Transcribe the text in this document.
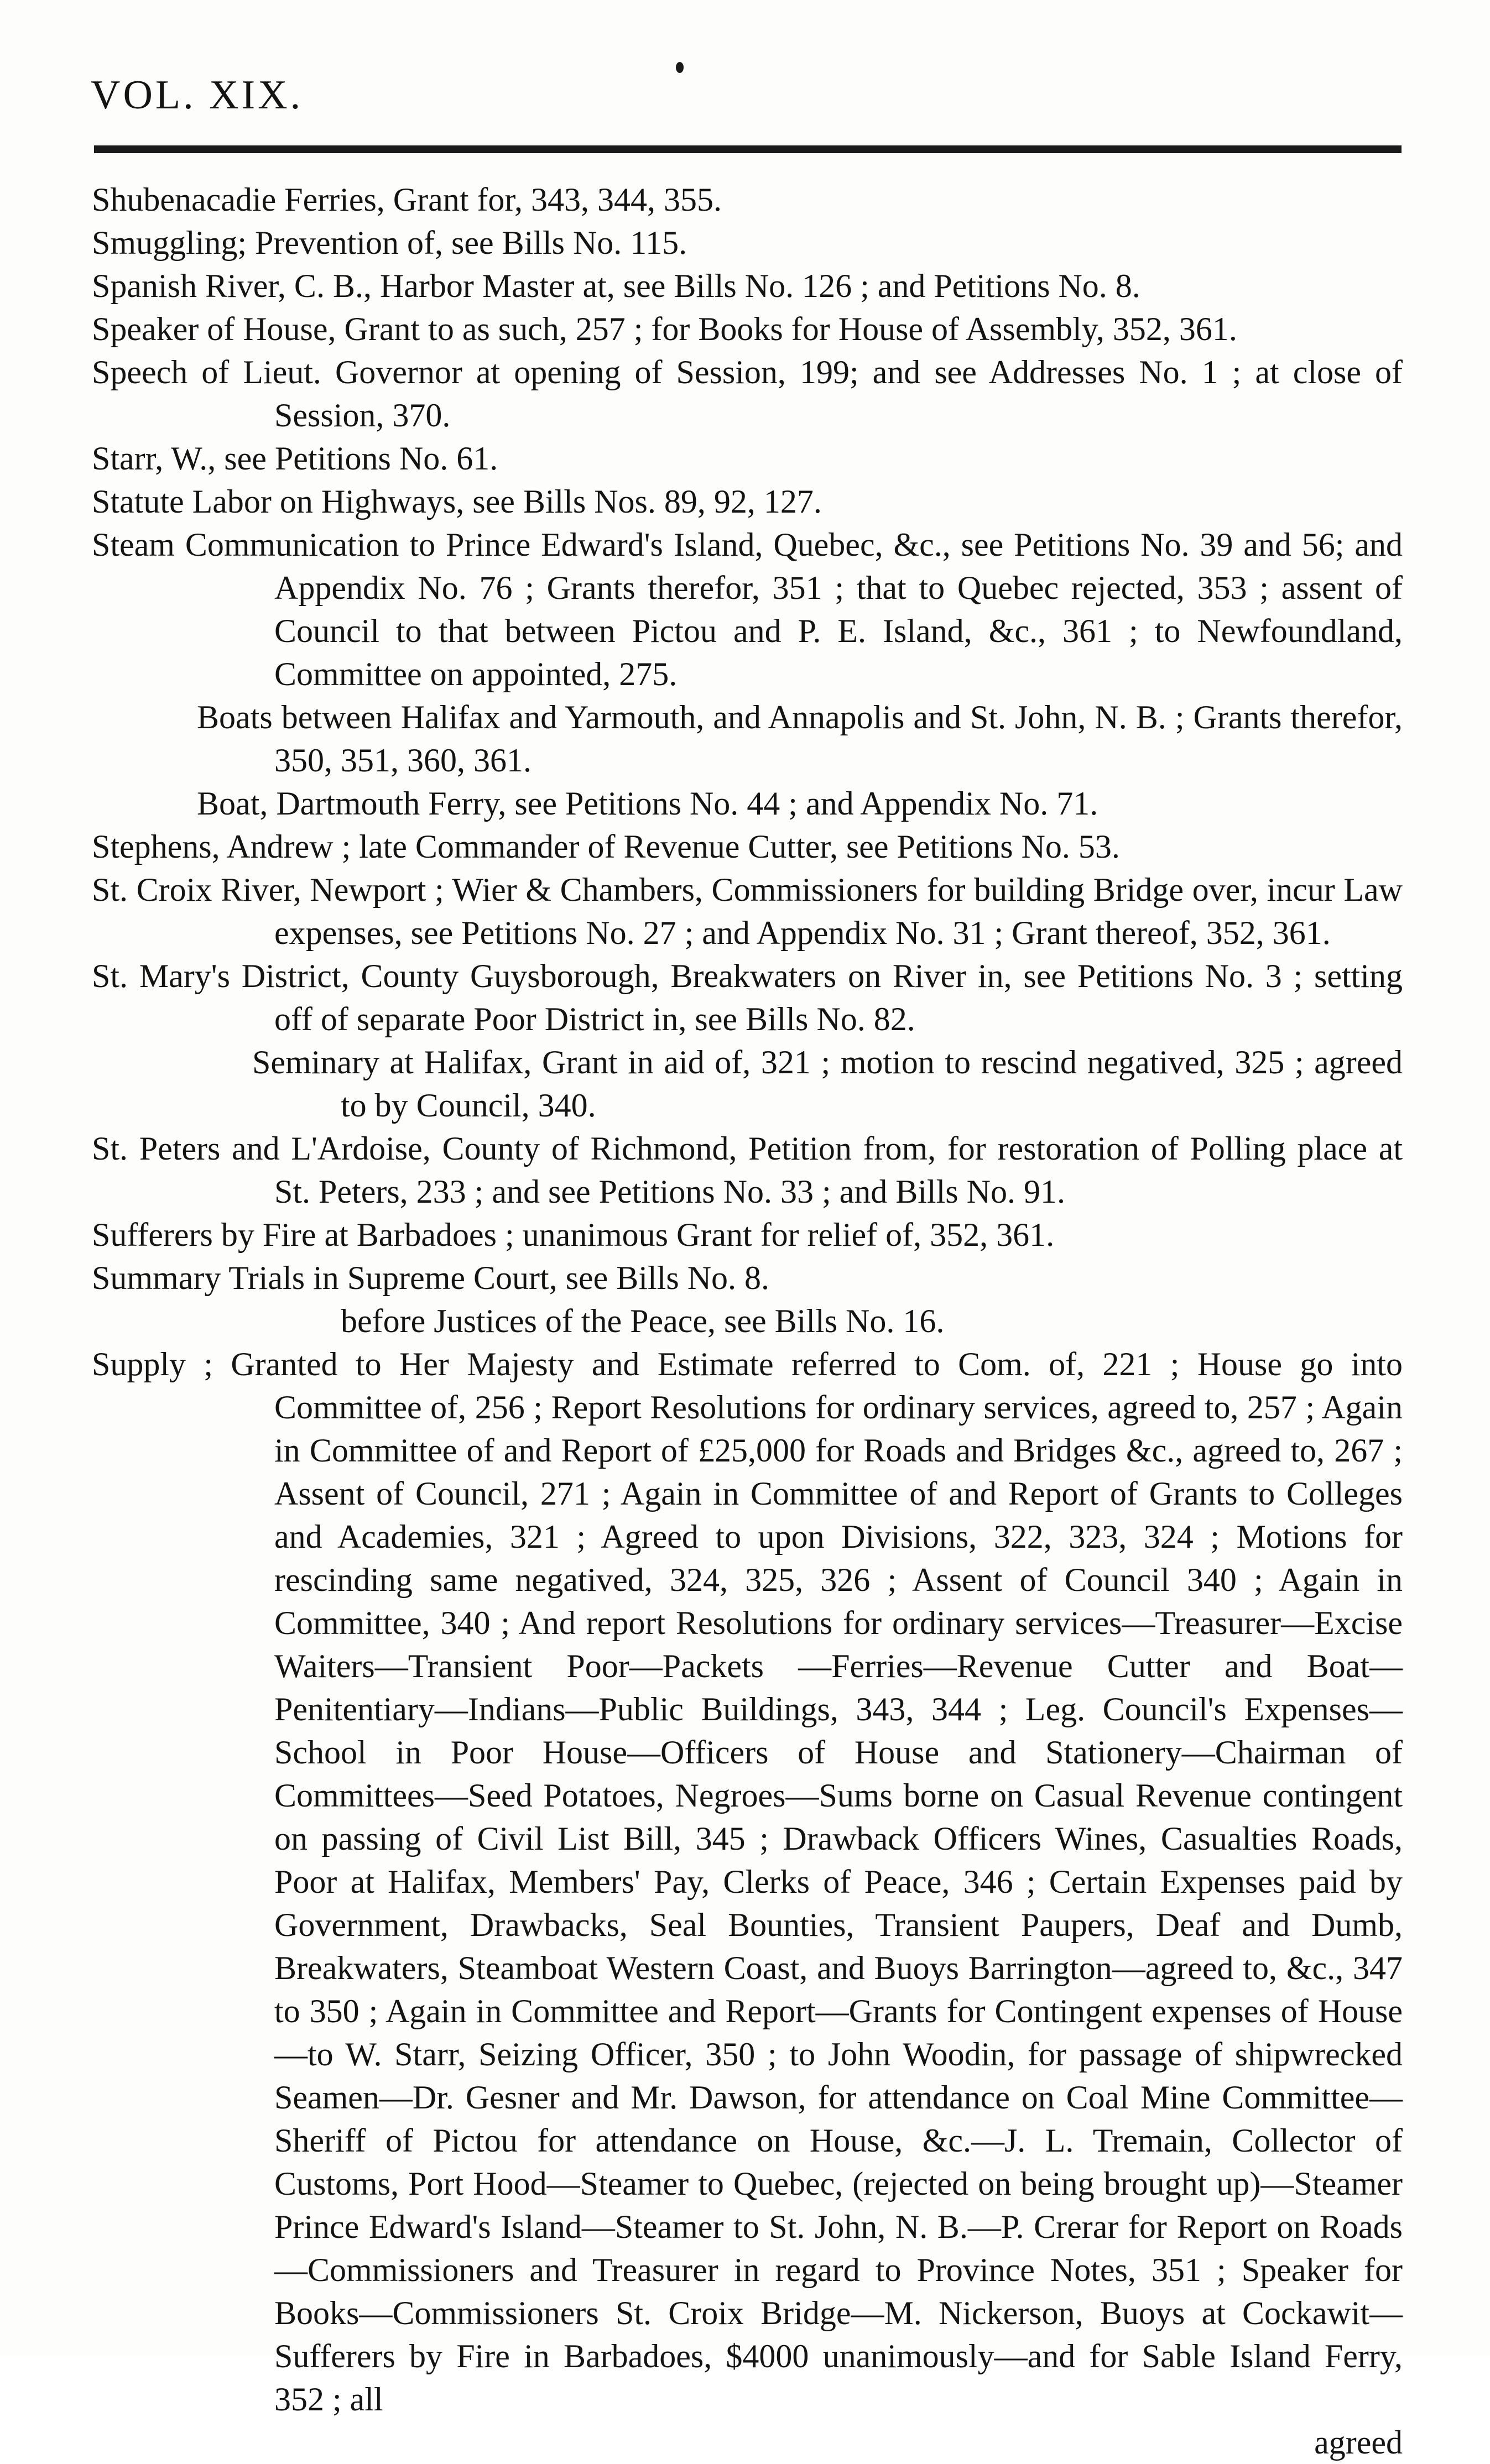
VOL. XIX.
Shubenacadie Ferries, Grant for, 343, 344, 355.
Smuggling; Prevention of, see Bills No. 115.
Spanish River, C. B., Harbor Master at, see Bills No. 126 ; and Petitions No. 8.
Speaker of House, Grant to as such, 257 ; for Books for House of Assembly, 352, 361.
Speech of Lieut. Governor at opening of Session, 199; and see Addresses No. 1 ; at close of Session, 370.
Starr, W., see Petitions No. 61.
Statute Labor on Highways, see Bills Nos. 89, 92, 127.
Steam Communication to Prince Edward's Island, Quebec, &c., see Petitions No. 39 and 56; and Appendix No. 76 ; Grants therefor, 351 ; that to Quebec rejected, 353 ; assent of Council to that between Pictou and P. E. Island, &c., 361 ; to Newfoundland, Committee on appointed, 275.
Boats between Halifax and Yarmouth, and Annapolis and St. John, N. B. ; Grants therefor, 350, 351, 360, 361.
Boat, Dartmouth Ferry, see Petitions No. 44 ; and Appendix No. 71.
Stephens, Andrew ; late Commander of Revenue Cutter, see Petitions No. 53.
St. Croix River, Newport ; Wier & Chambers, Commissioners for building Bridge over, incur Law expenses, see Petitions No. 27 ; and Appendix No. 31 ; Grant thereof, 352, 361.
St. Mary's District, County Guysborough, Breakwaters on River in, see Petitions No. 3 ; setting off of separate Poor District in, see Bills No. 82.
Seminary at Halifax, Grant in aid of, 321 ; motion to rescind negatived, 325 ; agreed to by Council, 340.
St. Peters and L'Ardoise, County of Richmond, Petition from, for restoration of Polling place at St. Peters, 233 ; and see Petitions No. 33 ; and Bills No. 91.
Sufferers by Fire at Barbadoes ; unanimous Grant for relief of, 352, 361.
Summary Trials in Supreme Court, see Bills No. 8.
before Justices of the Peace, see Bills No. 16.
Supply ; Granted to Her Majesty and Estimate referred to Com. of, 221 ; House go into Committee of, 256 ; Report Resolutions for ordinary services, agreed to, 257 ; Again in Committee of and Report of £25,000 for Roads and Bridges &c., agreed to, 267 ; Assent of Council, 271 ; Again in Committee of and Report of Grants to Colleges and Academies, 321 ; Agreed to upon Divisions, 322, 323, 324 ; Motions for rescinding same negatived, 324, 325, 326 ; Assent of Council 340 ; Again in Committee, 340 ; And report Resolutions for ordinary services—Treasurer—Excise Waiters—Transient Poor—Packets —Ferries—Revenue Cutter and Boat—Penitentiary—Indians—Public Buildings, 343, 344 ; Leg. Council's Expenses—School in Poor House—Officers of House and Stationery—Chairman of Committees—Seed Potatoes, Negroes—Sums borne on Casual Revenue contingent on passing of Civil List Bill, 345 ; Drawback Officers Wines, Casualties Roads, Poor at Halifax, Members' Pay, Clerks of Peace, 346 ; Certain Expenses paid by Government, Drawbacks, Seal Bounties, Transient Paupers, Deaf and Dumb, Breakwaters, Steamboat Western Coast, and Buoys Barrington—agreed to, &c., 347 to 350 ; Again in Committee and Report—Grants for Contingent expenses of House—to W. Starr, Seizing Officer, 350 ; to John Woodin, for passage of shipwrecked Seamen—Dr. Gesner and Mr. Dawson, for attendance on Coal Mine Committee—Sheriff of Pictou for attendance on House, &c.—J. L. Tremain, Collector of Customs, Port Hood—Steamer to Quebec, (rejected on being brought up)—Steamer Prince Edward's Island—Steamer to St. John, N. B.—P. Crerar for Report on Roads—Commissioners and Treasurer in regard to Province Notes, 351 ; Speaker for Books—Commissioners St. Croix Bridge—M. Nickerson, Buoys at Cockawit—Sufferers by Fire in Barbadoes, $4000 unanimously—and for Sable Island Ferry, 352 ; all
agreed
